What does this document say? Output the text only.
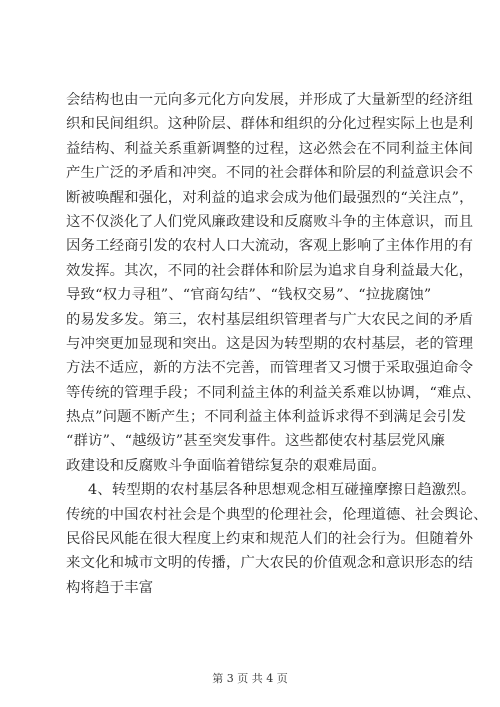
会结构也由一元向多元化方向发展，并形成了大量新型的经济组
织和民间组织。这种阶层、群体和组织的分化过程实际上也是利
益结构、利益关系重新调整的过程，这必然会在不同利益主体间
产生广泛的矛盾和冲突。不同的社会群体和阶层的利益意识会不
断被唤醒和强化，对利益的追求会成为他们最强烈的“关注点”，
这不仅淡化了人们党风廉政建设和反腐败斗争的主体意识，而且
因务工经商引发的农村人口大流动，客观上影响了主体作用的有
效发挥。其次，不同的社会群体和阶层为追求自身利益最大化，
导致“权力寻租”、“官商勾结”、“钱权交易”、“拉拢腐蚀”
的易发多发。第三，农村基层组织管理者与广大农民之间的矛盾
与冲突更加显现和突出。这是因为转型期的农村基层，老的管理
方法不适应，新的方法不完善，而管理者又习惯于采取强迫命令
等传统的管理手段；不同利益主体的利益关系难以协调，“难点、
热点”问题不断产生；不同利益主体利益诉求得不到满足会引发
“群访”、“越级访”甚至突发事件。这些都使农村基层党风廉
政建设和反腐败斗争面临着错综复杂的艰难局面。
4、转型期的农村基层各种思想观念相互碰撞摩擦日趋激烈。
传统的中国农村社会是个典型的伦理社会，伦理道德、社会舆论、
民俗民风能在很大程度上约束和规范人们的社会行为。但随着外
来文化和城市文明的传播，广大农民的价值观念和意识形态的结
构将趋于丰富
第 3 页 共 4 页
